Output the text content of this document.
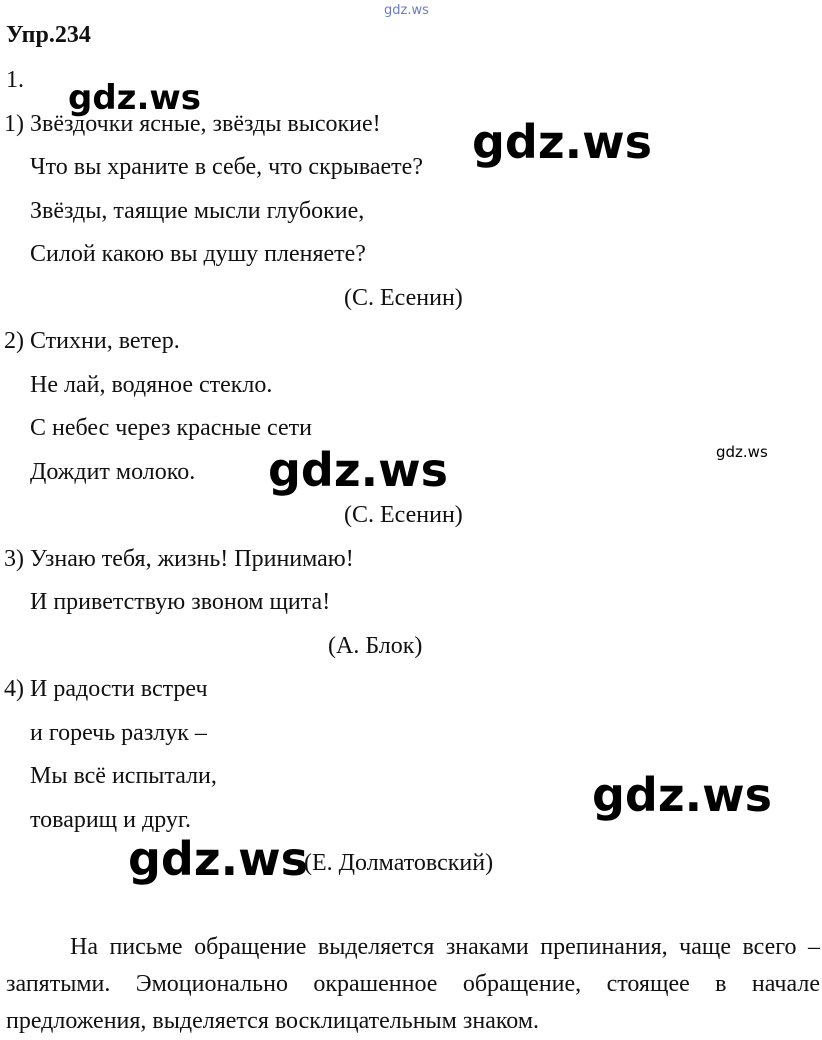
gdz.ws
gdz.ws
gdz.ws
gdz.ws
gdz.ws
gdz.ws
gdz.ws
Упр.234
1.
1) Звёздочки ясные, звёзды высокие!
Что вы храните в себе, что скрываете?
Звёзды, таящие мысли глубокие,
Силой какою вы душу пленяете?
(С. Есенин)
2) Стихни, ветер.
Не лай, водяное стекло.
С небес через красные сети
Дождит молоко.
(С. Есенин)
3) Узнаю тебя, жизнь! Принимаю!
И приветствую звоном щита!
(А. Блок)
4) И радости встреч
и горечь разлук –
Мы всё испытали,
товарищ и друг.
(Е. Долматовский)
На письме обращение выделяется знаками препинания, чаще всего – запятыми. Эмоционально окрашенное обращение, стоящее в начале предложения, выделяется восклицательным знаком.
